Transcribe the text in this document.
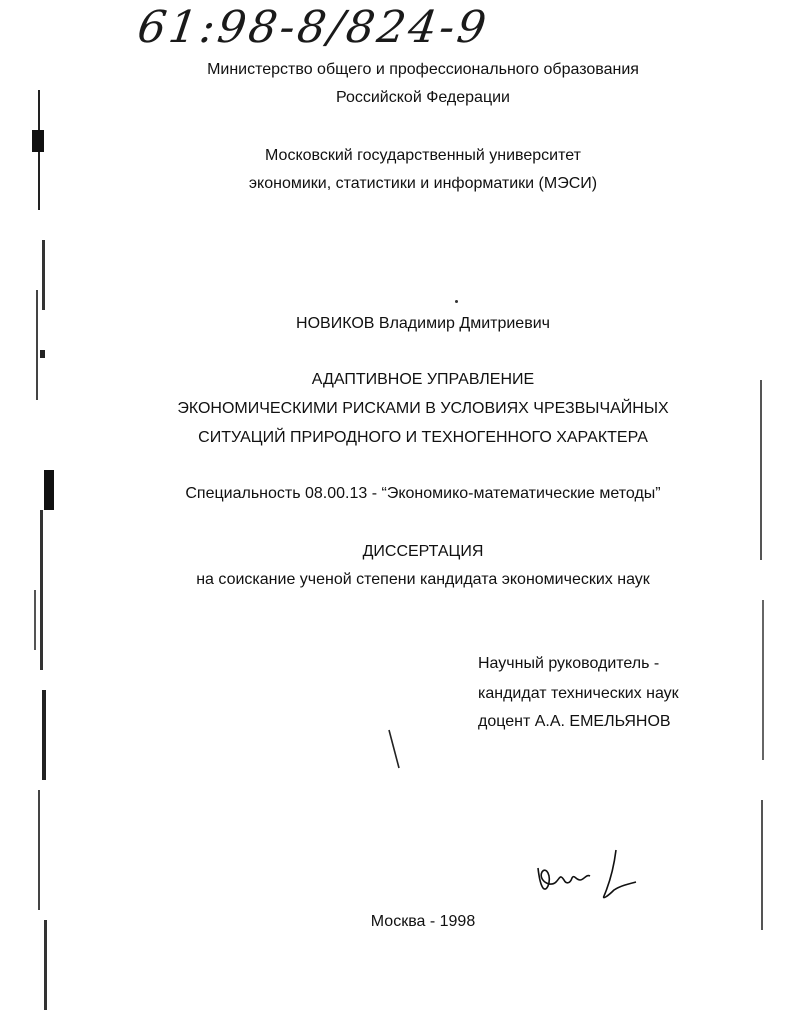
61:98-8/824-9
Министерство общего и профессионального образования
Российской Федерации
Московский государственный университет
экономики, статистики и информатики (МЭСИ)
НОВИКОВ Владимир Дмитриевич
АДАПТИВНОЕ УПРАВЛЕНИЕ
ЭКОНОМИЧЕСКИМИ РИСКАМИ В УСЛОВИЯХ ЧРЕЗВЫЧАЙНЫХ
СИТУАЦИЙ ПРИРОДНОГО И ТЕХНОГЕННОГО ХАРАКТЕРА
Специальность 08.00.13 - “Экономико-математические методы”
ДИССЕРТАЦИЯ
на соискание ученой степени кандидата экономических наук
Научный руководитель -
кандидат технических наук
доцент А.А. ЕМЕЛЬЯНОВ
Москва - 1998
